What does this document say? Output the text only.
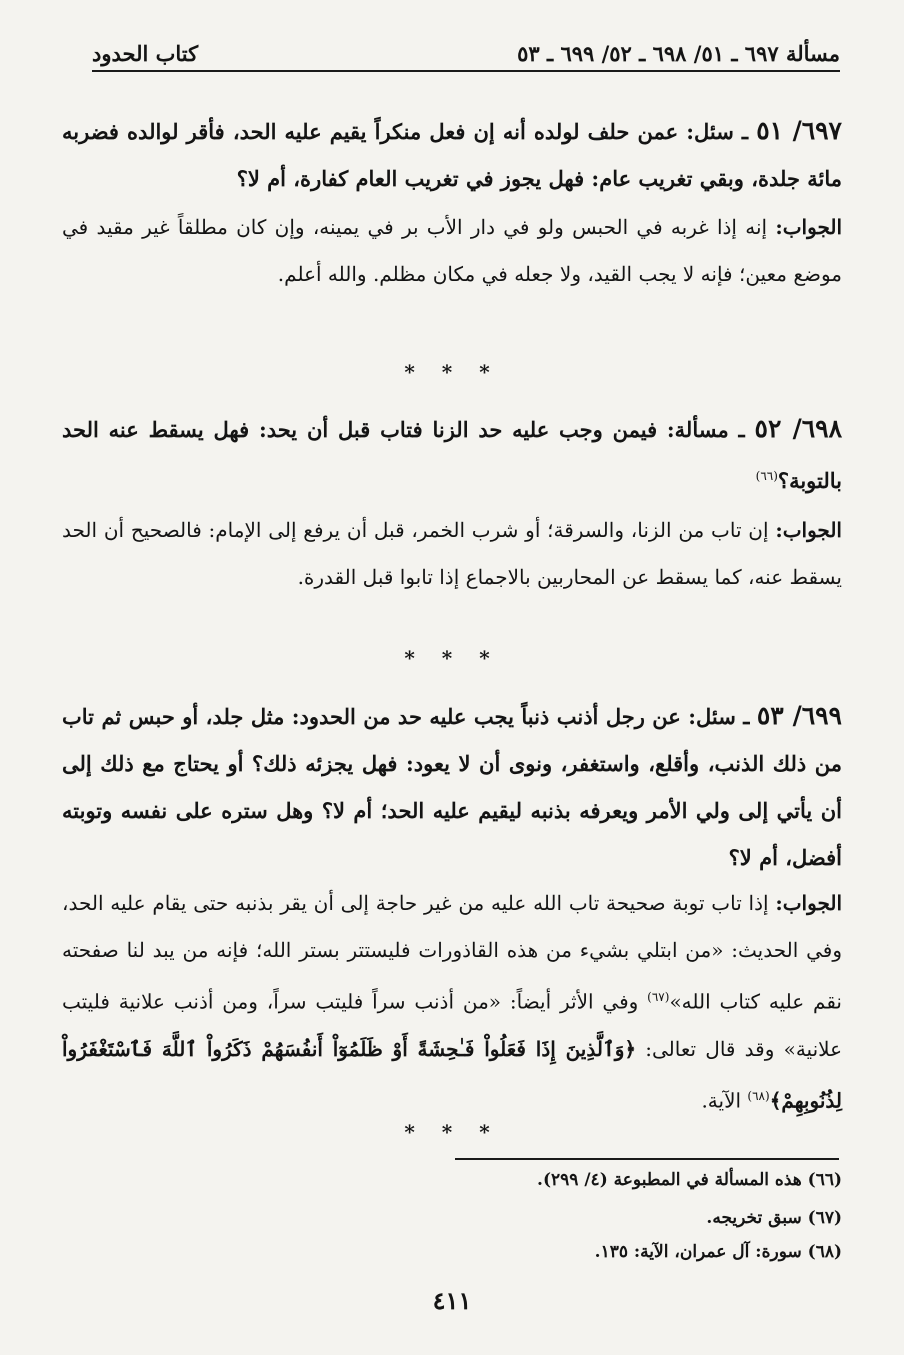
مسألة ٦٩٧ ـ ٥١/ ٦٩٨ ـ ٥٢/ ٦٩٩ ـ ٥٣
كتاب الحدود
٦٩٧/ ٥١ ـ سئل: عمن حلف لولده أنه إن فعل منكراً يقيم عليه الحد، فأقر لوالده فضربه مائة جلدة، وبقي تغريب عام: فهل يجوز في تغريب العام كفارة، أم لا؟
الجواب: إنه إذا غربه في الحبس ولو في دار الأب بر في يمينه، وإن كان مطلقاً غير مقيد في موضع معين؛ فإنه لا يجب القيد، ولا جعله في مكان مظلم. والله أعلم.
* * *
٦٩٨/ ٥٢ ـ مسألة: فيمن وجب عليه حد الزنا فتاب قبل أن يحد: فهل يسقط عنه الحد بالتوبة؟$^{(٦٦)}$
الجواب: إن تاب من الزنا، والسرقة؛ أو شرب الخمر، قبل أن يرفع إلى الإمام: فالصحيح أن الحد يسقط عنه، كما يسقط عن المحاربين بالاجماع إذا تابوا قبل القدرة.
* * *
٦٩٩/ ٥٣ ـ سئل: عن رجل أذنب ذنباً يجب عليه حد من الحدود: مثل جلد، أو حبس ثم تاب من ذلك الذنب، وأقلع، واستغفر، ونوى أن لا يعود: فهل يجزئه ذلك؟ أو يحتاج مع ذلك إلى أن يأتي إلى ولي الأمر ويعرفه بذنبه ليقيم عليه الحد؛ أم لا؟ وهل ستره على نفسه وتوبته أفضل، أم لا؟
الجواب: إذا تاب توبة صحيحة تاب الله عليه من غير حاجة إلى أن يقر بذنبه حتى يقام عليه الحد، وفي الحديث: «من ابتلي بشيء من هذه القاذورات فليستتر بستر الله؛ فإنه من يبد لنا صفحته نقم عليه كتاب الله»$^{(٦٧)}$ وفي الأثر أيضاً: «من أذنب سراً فليتب سراً، ومن أذنب علانية فليتب علانية» وقد قال تعالى: ﴿وَٱلَّذِينَ إِذَا فَعَلُواْ فَـٰحِشَةً أَوْ ظَلَمُوٓاْ أَنفُسَهُمْ ذَكَرُواْ ٱللَّهَ فَٱسْتَغْفَرُواْ لِذُنُوبِهِمْ﴾$^{(٦٨)}$ الآية.
* * *
(٦٦) هذه المسألة في المطبوعة (٤/ ٢٩٩).
(٦٧) سبق تخريجه.
(٦٨) سورة: آل عمران، الآية: ١٣٥.
٤١١
